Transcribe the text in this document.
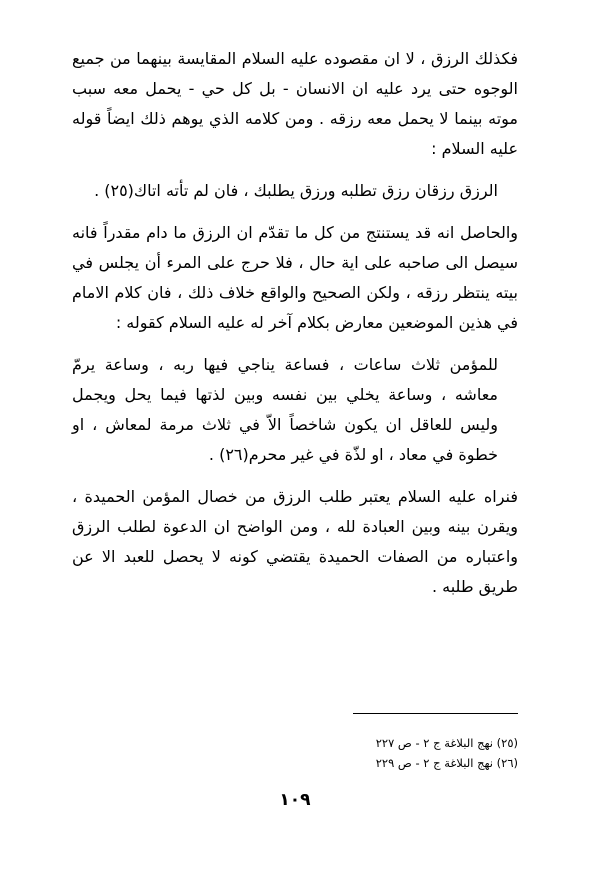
فكذلك الرزق ، لا ان مقصوده عليه السلام المقايسة بينهما من جميع الوجوه حتى يرد عليه ان الانسان - بل كل حي - يحمل معه سبب موته بينما لا يحمل معه رزقه . ومن كلامه الذي يوهم ذلك ايضاً قوله عليه السلام :

الرزق رزقان رزق تطلبه ورزق يطلبك ، فان لم تأته اتاك(٢٥) .

والحاصل انه قد يستنتج من كل ما تقدّم ان الرزق ما دام مقدراً فانه سيصل الى صاحبه على اية حال ، فلا حرج على المرء أن يجلس في بيته ينتظر رزقه ، ولكن الصحيح والواقع خلاف ذلك ، فان كلام الامام في هذين الموضعين معارض بكلام آخر له عليه السلام كقوله :

للمؤمن ثلاث ساعات ، فساعة يناجي فيها ربه ، وساعة يرمّ معاشه ، وساعة يخلي بين نفسه وبين لذتها فيما يحل ويجمل وليس للعاقل ان يكون شاخصاً الاّ في ثلاث مرمة لمعاش ، او خطوة في معاد ، او لذّة في غير محرم(٢٦) .

فنراه عليه السلام يعتبر طلب الرزق من خصال المؤمن الحميدة ، ويقرن بينه وبين العبادة لله ، ومن الواضح ان الدعوة لطلب الرزق واعتباره من الصفات الحميدة يقتضي كونه لا يحصل للعبد الا عن طريق طلبه .

(٢٥) نهج البلاغة ج ٢ - ص ٢٢٧

(٢٦) نهج البلاغة ج ٢ - ص ٢٢٩

١٠٩
